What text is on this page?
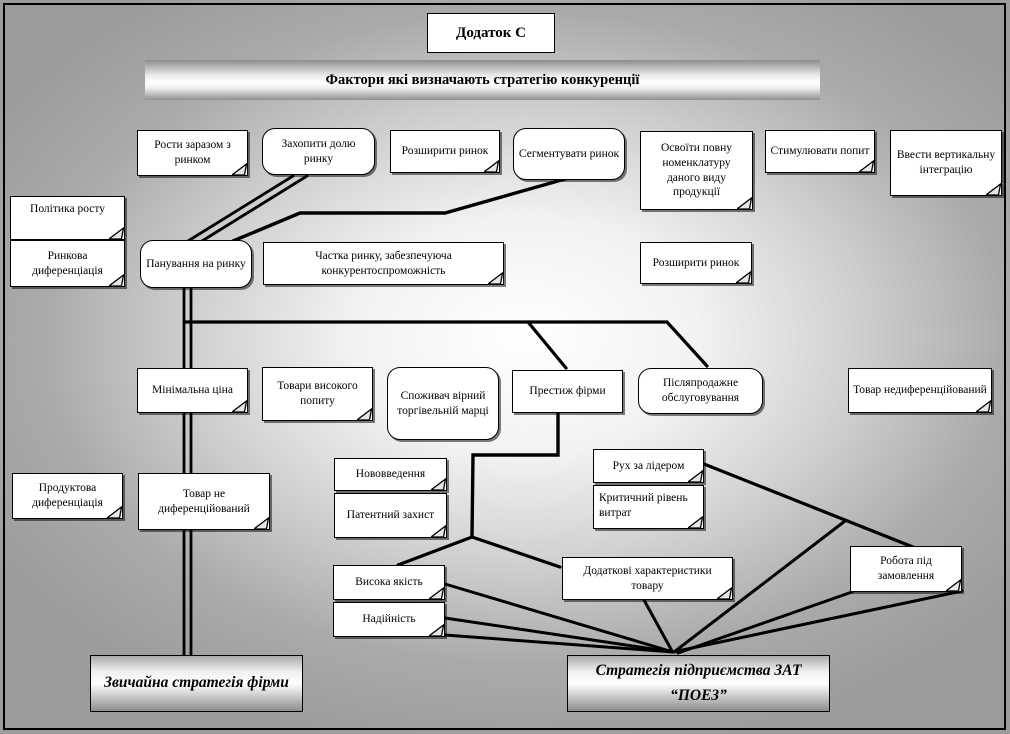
Додаток С
Фактори які визначають стратегію конкуренції
Рости заразом з ринком
Захопити долю ринку
Розширити ринок	Сегментувати ринок	Освоїти повну номенклатуру даного виду продукції
Стимулювати попит Ввести вертикальну інтеграцію
Політика росту
Ринкова диференціація
Панування на ринку
Частка ринку, забезпечуюча конкурентоспроможність
Розширити ринок
Мінімальна ціна	Товари високого попиту	Споживач вірний торгівельній марці
Престиж фірми
Післяпродажне обслуговування
Товар недиференційований
Продуктова диференціація
Товар не диференційований
Нововведення
Патентний захист
Рух за лідером
Критичний рівень витрат
Висока якість
Надійність
Додаткові характеристики товару
Робота під замовлення
Звичайна стратегія фірми
Стратегія підприємства ЗАТ “ПОЕЗ”
